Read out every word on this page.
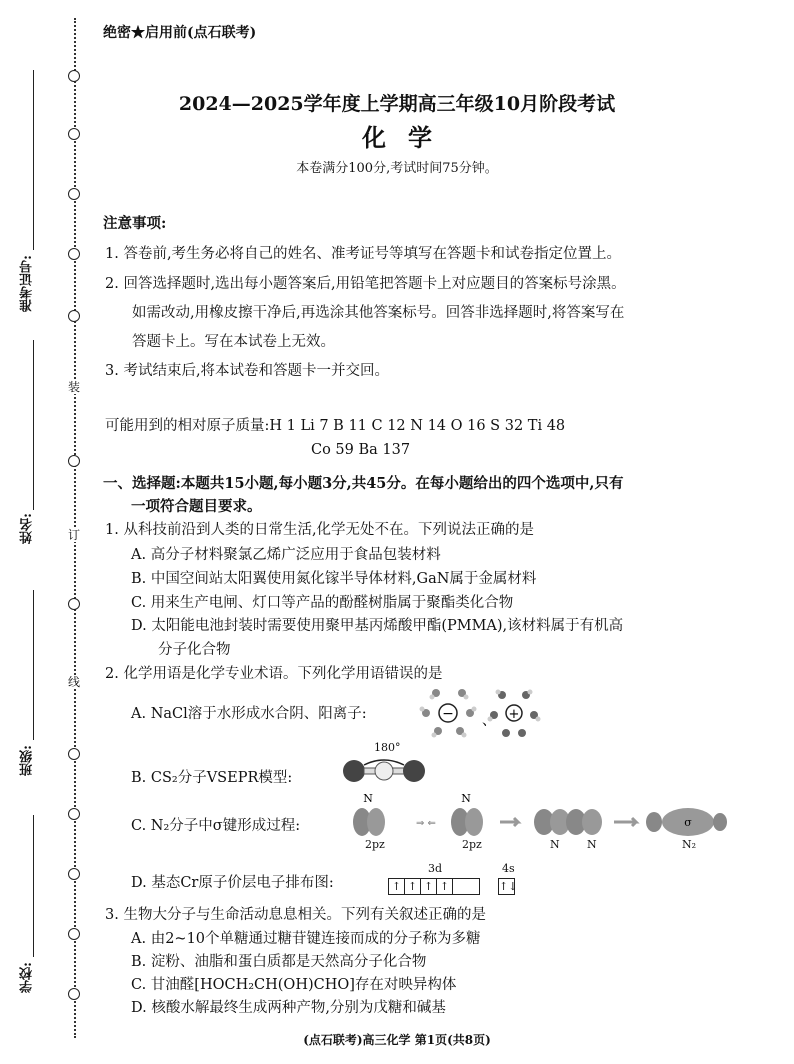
装
订
线
准考证号:
姓名:
班级:
学校:
绝密★启用前(点石联考)
2024—2025学年度上学期高三年级10月阶段考试
化学
本卷满分100分,考试时间75分钟。
注意事项:
1. 答卷前,考生务必将自己的姓名、准考证号等填写在答题卡和试卷指定位置上。
2. 回答选择题时,选出每小题答案后,用铅笔把答题卡上对应题目的答案标号涂黑。
如需改动,用橡皮擦干净后,再选涂其他答案标号。回答非选择题时,将答案写在
答题卡上。写在本试卷上无效。
3. 考试结束后,将本试卷和答题卡一并交回。
可能用到的相对原子质量:H 1 Li 7 B 11 C 12 N 14 O 16 S 32 Ti 48
Co 59 Ba 137
一、选择题:本题共15小题,每小题3分,共45分。在每小题给出的四个选项中,只有
一项符合题目要求。
1. 从科技前沿到人类的日常生活,化学无处不在。下列说法正确的是
A. 高分子材料聚氯乙烯广泛应用于食品包装材料
B. 中国空间站太阳翼使用氮化镓半导体材料,GaN属于金属材料
C. 用来生产电闸、灯口等产品的酚醛树脂属于聚酯类化合物
D. 太阳能电池封装时需要使用聚甲基丙烯酸甲酯(PMMA),该材料属于有机高
分子化合物
2. 化学用语是化学专业术语。下列化学用语错误的是
A. NaCl溶于水形成水合阴、阳离子:	−	+
、
B. CS₂分子VSEPR模型:
180°
C. N₂分子中σ键形成过程:
N
⇒ ⇐
N
σ
2pz	2pz	N N	N₂
D. 基态Cr原子价层电子排布图:
3d	4s
↑ ↑ ↑ ↑	↑↓
3. 生物大分子与生命活动息息相关。下列有关叙述正确的是
A. 由2~10个单糖通过糖苷键连接而成的分子称为多糖
B. 淀粉、油脂和蛋白质都是天然高分子化合物
C. 甘油醛[HOCH₂CH(OH)CHO]存在对映异构体
D. 核酸水解最终生成两种产物,分别为戊糖和碱基
(点石联考)高三化学 第1页(共8页)
